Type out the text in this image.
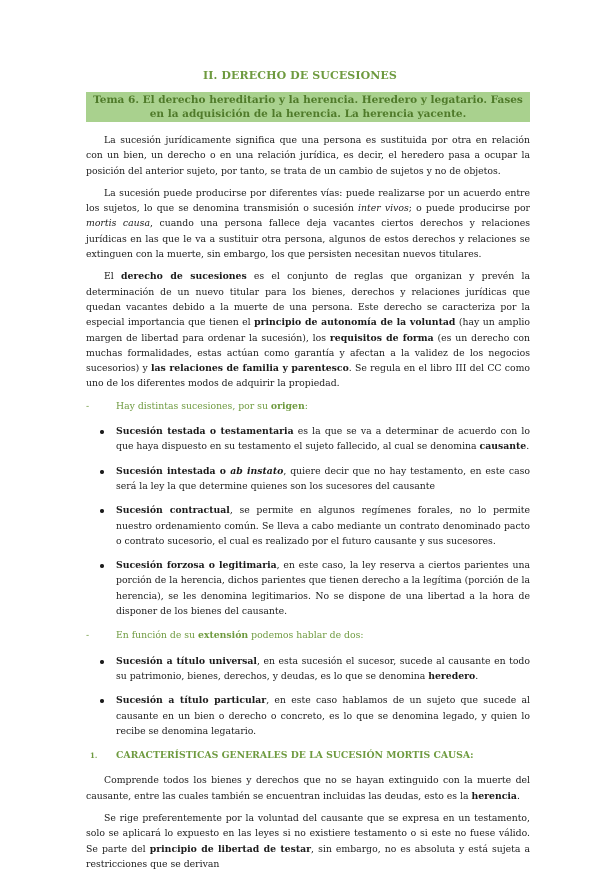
II. DERECHO DE SUCESIONES
Tema 6. El derecho hereditario y la herencia. Heredero y legatario. Fases en la adquisición de la herencia. La herencia yacente.

La sucesión jurídicamente significa que una persona es sustituida por otra en relación con un bien, un derecho o en una relación jurídica, es decir, el heredero pasa a ocupar la posición del anterior sujeto, por tanto, se trata de un cambio de sujetos y no de objetos.

La sucesión puede producirse por diferentes vías: puede realizarse por un acuerdo entre los sujetos, lo que se denomina transmisión o sucesión inter vivos; o puede producirse por mortis causa, cuando una persona fallece deja vacantes ciertos derechos y relaciones jurídicas en las que le va a sustituir otra persona, algunos de estos derechos y relaciones se extinguen con la muerte, sin embargo, los que persisten necesitan nuevos titulares.

El derecho de sucesiones es el conjunto de reglas que organizan y prevén la determinación de un nuevo titular para los bienes, derechos y relaciones jurídicas que quedan vacantes debido a la muerte de una persona. Este derecho se caracteriza por la especial importancia que tienen el principio de autonomía de la voluntad (hay un amplio margen de libertad para ordenar la sucesión), los requisitos de forma (es un derecho con muchas formalidades, estas actúan como garantía y afectan a la validez de los negocios sucesorios) y las relaciones de familia y parentesco. Se regula en el libro III del CC como uno de los diferentes modos de adquirir la propiedad.

-	Hay distintas sucesiones, por su origen:
Sucesión testada o testamentaria es la que se va a determinar de acuerdo con lo que haya dispuesto en su testamento el sujeto fallecido, al cual se denomina causante.
Sucesión intestada o ab instato, quiere decir que no hay testamento, en este caso será la ley la que determine quienes son los sucesores del causante
Sucesión contractual, se permite en algunos regímenes forales, no lo permite nuestro ordenamiento común. Se lleva a cabo mediante un contrato denominado pacto o contrato sucesorio, el cual es realizado por el futuro causante y sus sucesores.
Sucesión forzosa o legitimaria, en este caso, la ley reserva a ciertos parientes una porción de la herencia, dichos parientes que tienen derecho a la legítima (porción de la herencia), se les denomina legitimarios. No se dispone de una libertad a la hora de disponer de los bienes del causante.
-	En función de su extensión podemos hablar de dos:
Sucesión a título universal, en esta sucesión el sucesor, sucede al causante en todo su patrimonio, bienes, derechos, y deudas, es lo que se denomina heredero.
Sucesión a título particular, en este caso hablamos de un sujeto que sucede al causante en un bien o derecho o concreto, es lo que se denomina legado, y quien lo recibe se denomina legatario.
1. CARACTERÍSTICAS GENERALES DE LA SUCESIÓN MORTIS CAUSA:

Comprende todos los bienes y derechos que no se hayan extinguido con la muerte del causante, entre las cuales también se encuentran incluidas las deudas, esto es la herencia.

Se rige preferentemente por la voluntad del causante que se expresa en un testamento, solo se aplicará lo expuesto en las leyes si no existiere testamento o si este no fuese válido. Se parte del principio de libertad de testar, sin embargo, no es absoluta y está sujeta a restricciones que se derivan
